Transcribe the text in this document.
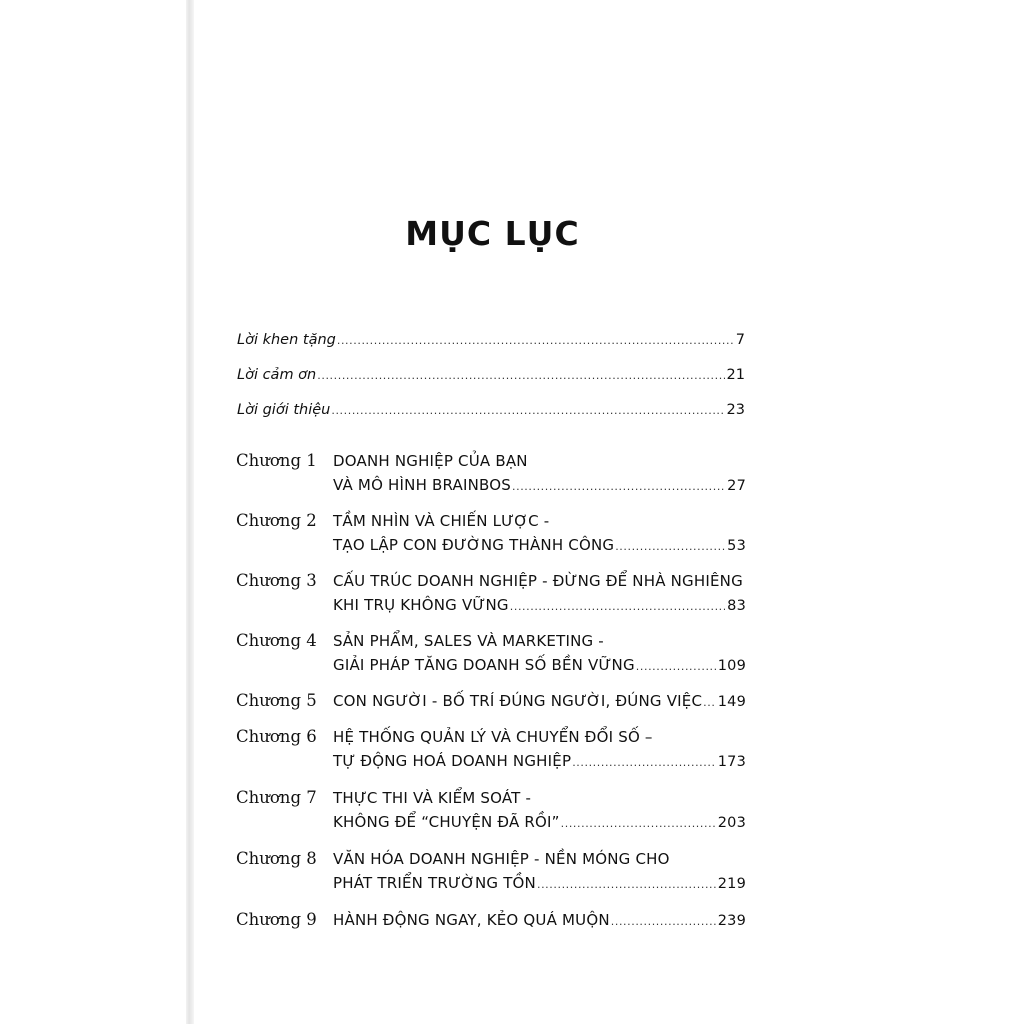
MỤC LỤC
Lời khen tặng .....	7
Lời cảm ơn .....	21
Lời giới thiệu .....	23
Chương 1 DOANH NGHIỆP CỦA BẠN
VÀ MÔ HÌNH BRAINBOS .....	27
Chương 2 TẦM NHÌN VÀ CHIẾN LƯỢC -
TẠO LẬP CON ĐƯỜNG THÀNH CÔNG .....	53
Chương 3 CẤU TRÚC DOANH NGHIỆP - ĐỪNG ĐỂ NHÀ NGHIÊNG
KHI TRỤ KHÔNG VỮNG .....	83
Chương 4 SẢN PHẨM, SALES VÀ MARKETING -
GIẢI PHÁP TĂNG DOANH SỐ BỀN VỮNG .....	109
Chương 5 CON NGƯỜI - BỐ TRÍ ĐÚNG NGƯỜI, ĐÚNG VIỆC ..... 149
Chương 6 HỆ THỐNG QUẢN LÝ VÀ CHUYỂN ĐỔI SỐ –
TỰ ĐỘNG HOÁ DOANH NGHIỆP .....	173
Chương 7 THỰC THI VÀ KIỂM SOÁT -
KHÔNG ĐỂ “CHUYỆN ĐÃ RỒI” .....	203
Chương 8 VĂN HÓA DOANH NGHIỆP - NỀN MÓNG CHO
PHÁT TRIỂN TRƯỜNG TỒN .....	219
Chương 9 HÀNH ĐỘNG NGAY, KẺO QUÁ MUỘN .....	239
